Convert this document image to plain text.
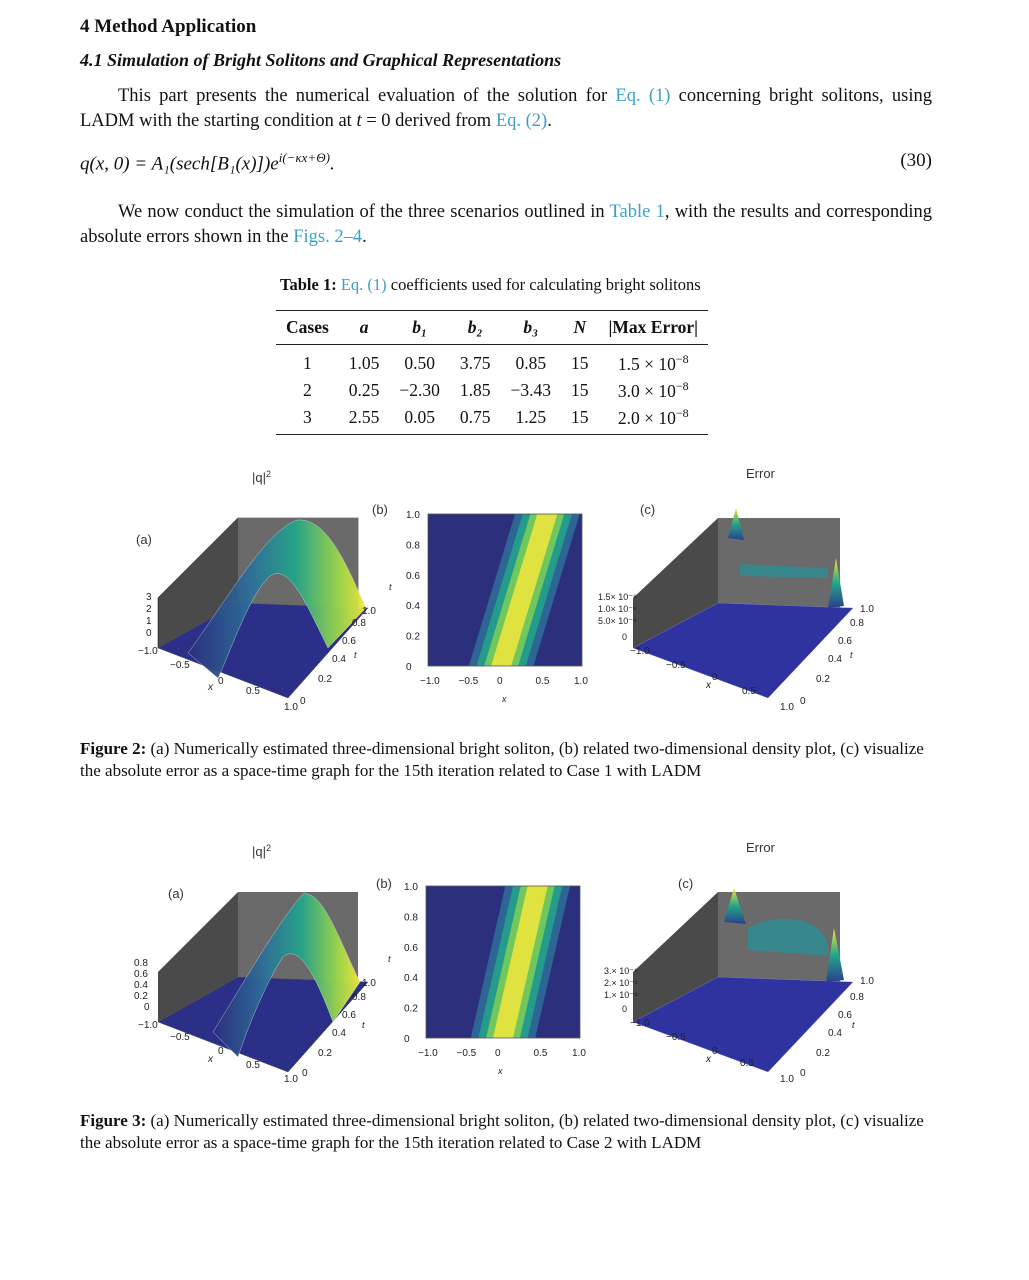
4 Method Application
4.1 Simulation of Bright Solitons and Graphical Representations

This part presents the numerical evaluation of the solution for Eq. (1) concerning bright solitons, using LADM with the starting condition at t = 0 derived from Eq. (2).

q(x, $0) = A_1(\sec h[B_1(x)])e^{i(-\kappa x+\Theta)}$.	(30)

We now conduct the simulation of the three scenarios outlined in Table 1, with the results and corresponding absolute errors shown in the Figs. 2–4.

Table 1: Eq. (1) coefficients used for calculating bright solitons
Cases	a	b₁	b₂	b₃	N	|Max Error|
1	1.05	0.50	3.75	0.85	15	$1.5 \times 10^{-8}$
2	0.25	−2.30	1.85	−3.43	15	$3.0 \times 10^{-8}$
3	2.55	0.05	0.75	1.25	15	$2.0 \times 10^{-8}$
(a)
$|q|^2$
3
2
1
0
−1.0
−0.5
0
x	0.5
1.0
0
0.2
0.4
0.6
0.8
1.0
t
(b)
0
0.2
0.4
0.6
0.8
1.0
−1.0 −0.5 0	0.5 1.0
t
x
(c)
Error
1.5× 10⁻⁸
1.0× 10⁻⁸
5.0× 10⁻⁹
0
−1.0
−0.5
0
x
0.5
1.0
0
0.2
0.4
0.6
0.8
1.0
t

Figure 2: (a) Numerically estimated three-dimensional bright soliton, (b) related two-dimensional density plot, (c) visualize the absolute error as a space-time graph for the 15th iteration related to Case 1 with LADM

(a)
$|q|^2$
0.8
0.6
0.4
0.2
0
−1.0
−0.5
0
x
0.5
1.0
0
0.2
0.4
0.6
0.8
1.0
t
(b)
0
0.2
0.4
0.6
0.8
1.0
−1.0 −0.5 0	0.5 1.0
t
x
(c)
Error
3.× 10⁻⁸
2.× 10⁻⁸
1.× 10⁻⁸
0
−1.0
−0.5
0
x	0.5
1.0
0
0.2
0.4
0.6
0.8
1.0
t

Figure 3: (a) Numerically estimated three-dimensional bright soliton, (b) related two-dimensional density plot, (c) visualize the absolute error as a space-time graph for the 15th iteration related to Case 2 with LADM
